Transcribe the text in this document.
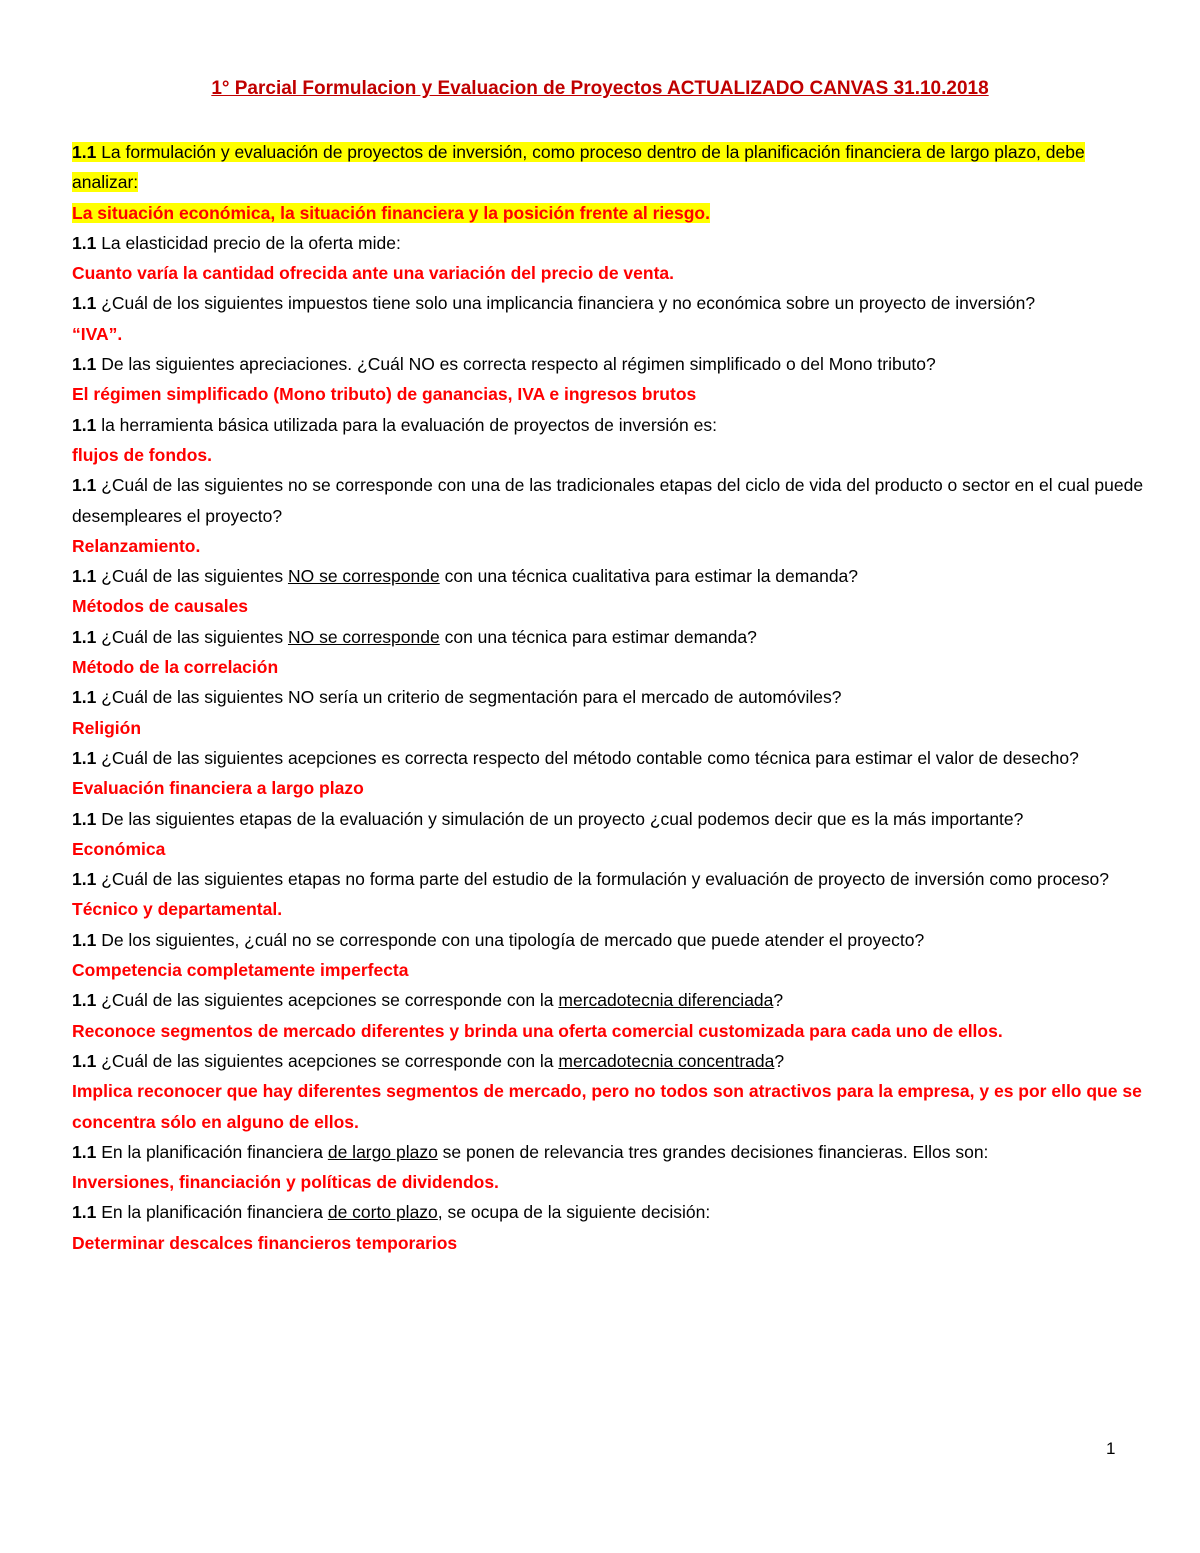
1° Parcial Formulacion y Evaluacion de Proyectos ACTUALIZADO CANVAS 31.10.2018

1.1 La formulación y evaluación de proyectos de inversión, como proceso dentro de la planificación financiera de largo plazo, debe analizar:

La situación económica, la situación financiera y la posición frente al riesgo.

1.1 La elasticidad precio de la oferta mide:

Cuanto varía la cantidad ofrecida ante una variación del precio de venta.

1.1 ¿Cuál de los siguientes impuestos tiene solo una implicancia financiera y no económica sobre un proyecto de inversión?

“IVA”.

1.1 De las siguientes apreciaciones. ¿Cuál NO es correcta respecto al régimen simplificado o del Mono tributo?

El régimen simplificado (Mono tributo) de ganancias, IVA e ingresos brutos

1.1 la herramienta básica utilizada para la evaluación de proyectos de inversión es:

flujos de fondos.

1.1 ¿Cuál de las siguientes no se corresponde con una de las tradicionales etapas del ciclo de vida del producto o sector en el cual puede desempleares el proyecto?

Relanzamiento.

1.1 ¿Cuál de las siguientes NO se corresponde con una técnica cualitativa para estimar la demanda?

Métodos de causales

1.1 ¿Cuál de las siguientes NO se corresponde con una técnica para estimar demanda?

Método de la correlación

1.1 ¿Cuál de las siguientes NO sería un criterio de segmentación para el mercado de automóviles?

Religión

1.1 ¿Cuál de las siguientes acepciones es correcta respecto del método contable como técnica para estimar el valor de desecho?

Evaluación financiera a largo plazo

1.1 De las siguientes etapas de la evaluación y simulación de un proyecto ¿cual podemos decir que es la más importante?

Económica

1.1 ¿Cuál de las siguientes etapas no forma parte del estudio de la formulación y evaluación de proyecto de inversión como proceso?

Técnico y departamental.

1.1 De los siguientes, ¿cuál no se corresponde con una tipología de mercado que puede atender el proyecto?

Competencia completamente imperfecta

1.1 ¿Cuál de las siguientes acepciones se corresponde con la mercadotecnia diferenciada?

Reconoce segmentos de mercado diferentes y brinda una oferta comercial customizada para cada uno de ellos.

1.1 ¿Cuál de las siguientes acepciones se corresponde con la mercadotecnia concentrada?

Implica reconocer que hay diferentes segmentos de mercado, pero no todos son atractivos para la empresa, y es por ello que se concentra sólo en alguno de ellos.

1.1 En la planificación financiera de largo plazo se ponen de relevancia tres grandes decisiones financieras. Ellos son:

Inversiones, financiación y políticas de dividendos.

1.1 En la planificación financiera de corto plazo, se ocupa de la siguiente decisión:

Determinar descalces financieros temporarios

1
